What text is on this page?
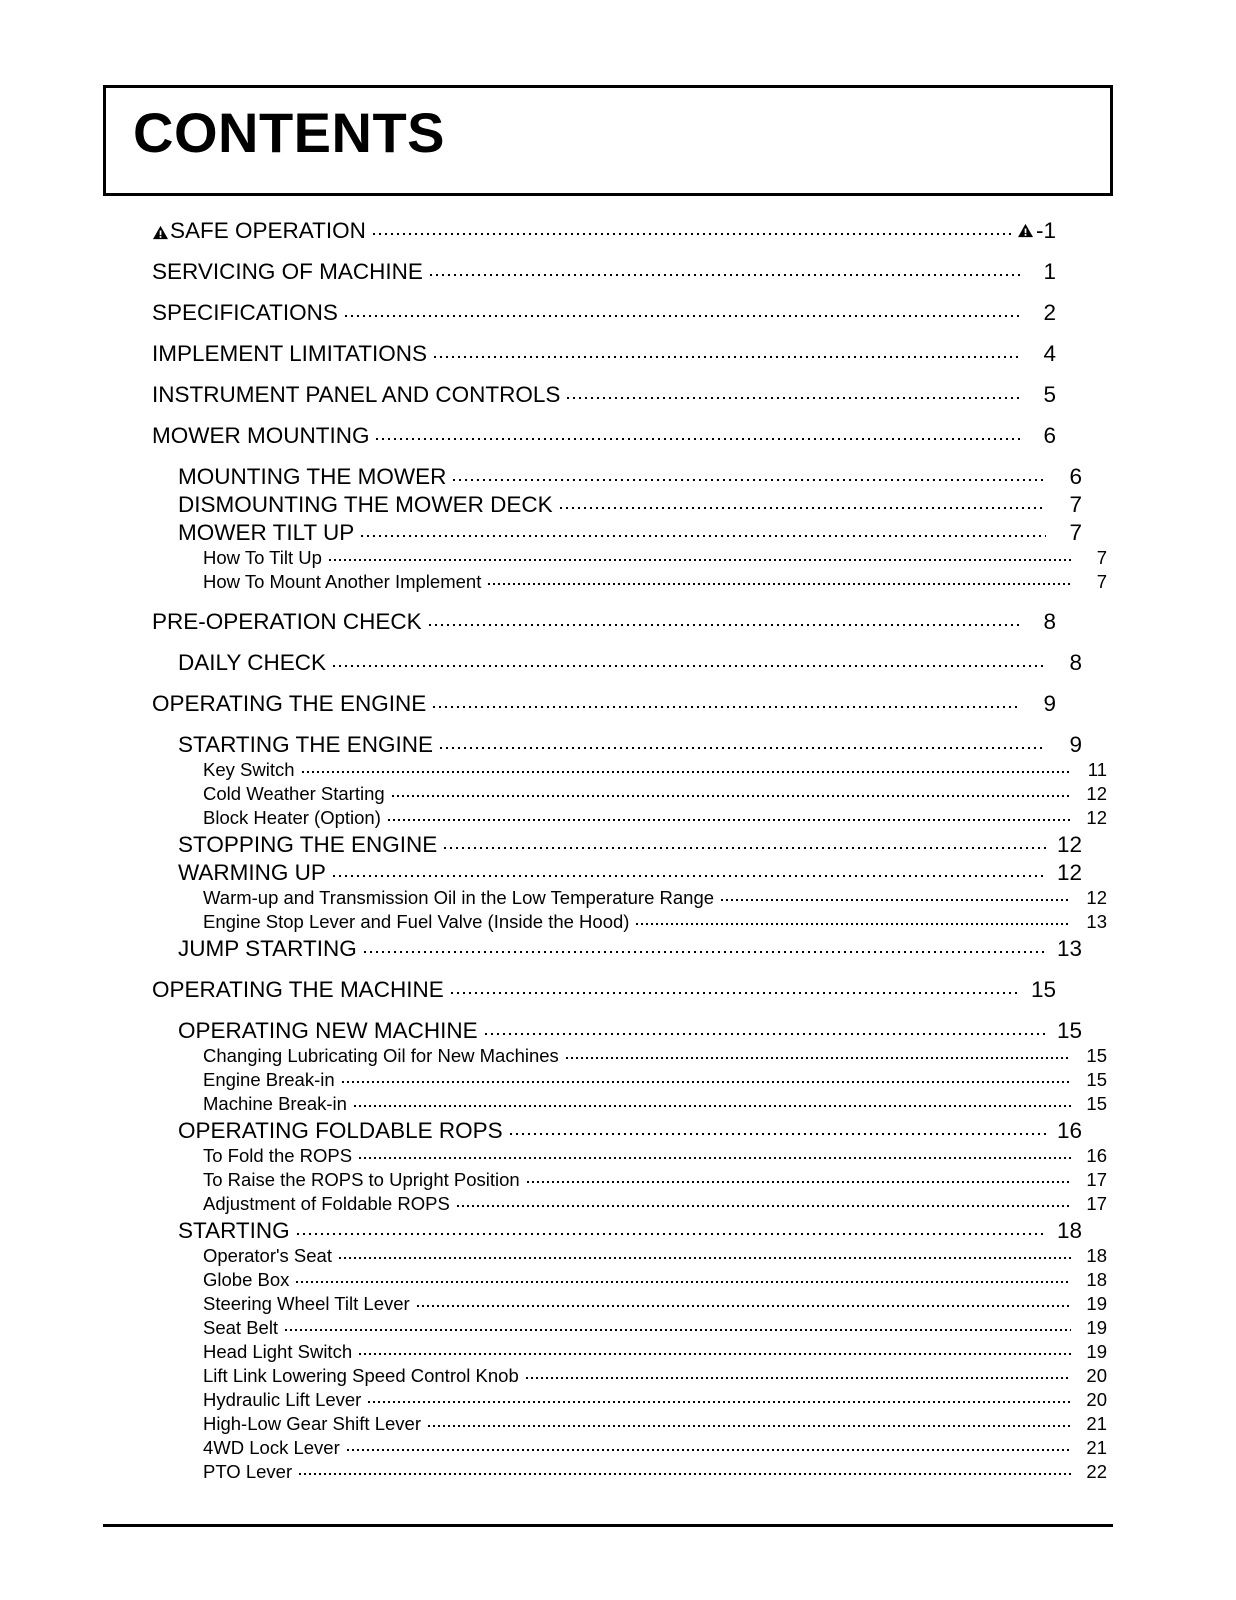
CONTENTS
SAFE OPERATION	-1
SERVICING OF MACHINE	1
SPECIFICATIONS	2
IMPLEMENT LIMITATIONS	4
INSTRUMENT PANEL AND CONTROLS	5
MOWER MOUNTING	6
MOUNTING THE MOWER	6
DISMOUNTING THE MOWER DECK	7
MOWER TILT UP	7
How To Tilt Up	7
How To Mount Another Implement	7
PRE-OPERATION CHECK	8
DAILY CHECK	8
OPERATING THE ENGINE	9
STARTING THE ENGINE	9
Key Switch	11
Cold Weather Starting	12
Block Heater (Option)	12
STOPPING THE ENGINE	12
WARMING UP	12
Warm-up and Transmission Oil in the Low Temperature Range	12
Engine Stop Lever and Fuel Valve (Inside the Hood)	13
JUMP STARTING	13
OPERATING THE MACHINE	15
OPERATING NEW MACHINE	15
Changing Lubricating Oil for New Machines	15
Engine Break-in	15
Machine Break-in	15
OPERATING FOLDABLE ROPS	16
To Fold the ROPS	16
To Raise the ROPS to Upright Position	17
Adjustment of Foldable ROPS	17
STARTING	18
Operator's Seat	18
Globe Box	18
Steering Wheel Tilt Lever	19
Seat Belt	19
Head Light Switch	19
Lift Link Lowering Speed Control Knob	20
Hydraulic Lift Lever	20
High-Low Gear Shift Lever	21
4WD Lock Lever	21
PTO Lever	22
